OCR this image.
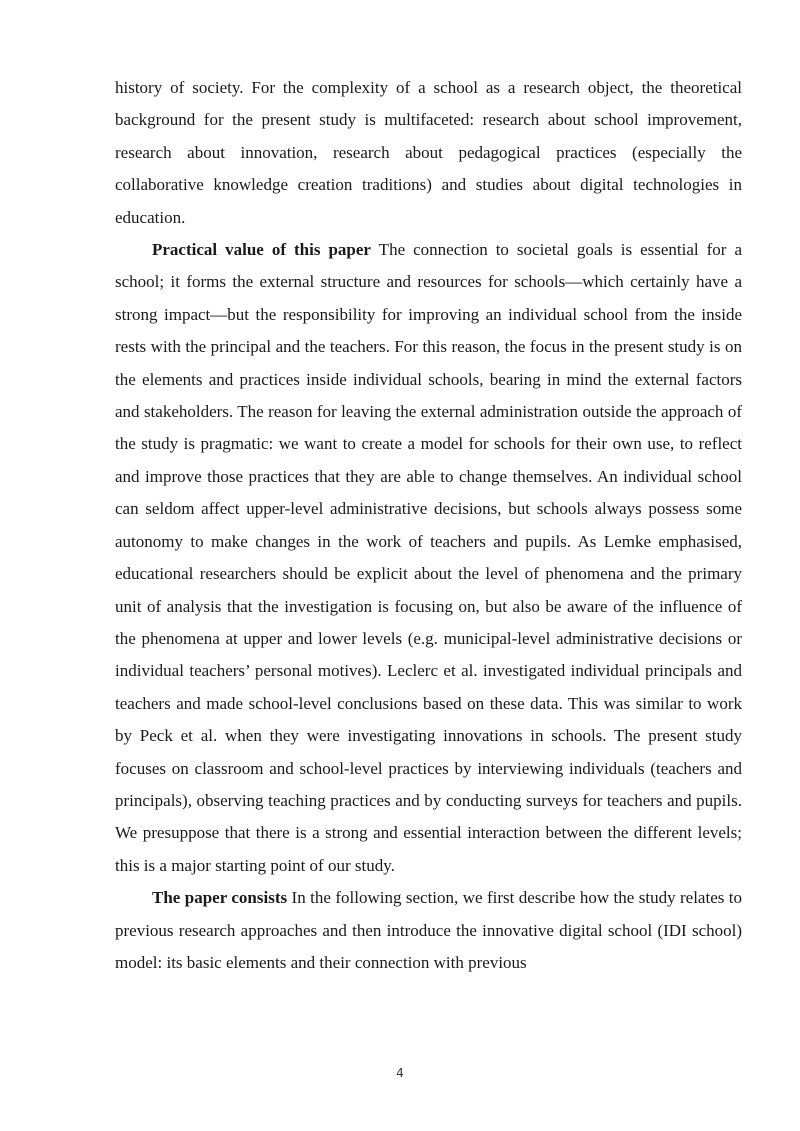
history of society. For the complexity of a school as a research object, the theoretical background for the present study is multifaceted: research about school improvement, research about innovation, research about pedagogical practices (especially the collaborative knowledge creation traditions) and studies about digital technologies in education.

Practical value of this paper The connection to societal goals is essential for a school; it forms the external structure and resources for schools—which certainly have a strong impact—but the responsibility for improving an individual school from the inside rests with the principal and the teachers. For this reason, the focus in the present study is on the elements and practices inside individual schools, bearing in mind the external factors and stakeholders. The reason for leaving the external administration outside the approach of the study is pragmatic: we want to create a model for schools for their own use, to reflect and improve those practices that they are able to change themselves. An individual school can seldom affect upper-level administrative decisions, but schools always possess some autonomy to make changes in the work of teachers and pupils. As Lemke emphasised, educational researchers should be explicit about the level of phenomena and the primary unit of analysis that the investigation is focusing on, but also be aware of the influence of the phenomena at upper and lower levels (e.g. municipal-level administrative decisions or individual teachers’ personal motives). Leclerc et al. investigated individual principals and teachers and made school-level conclusions based on these data. This was similar to work by Peck et al. when they were investigating innovations in schools. The present study focuses on classroom and school-level practices by interviewing individuals (teachers and principals), observing teaching practices and by conducting surveys for teachers and pupils. We presuppose that there is a strong and essential interaction between the different levels; this is a major starting point of our study.

The paper consists In the following section, we first describe how the study relates to previous research approaches and then introduce the innovative digital school (IDI school) model: its basic elements and their connection with previous

4
